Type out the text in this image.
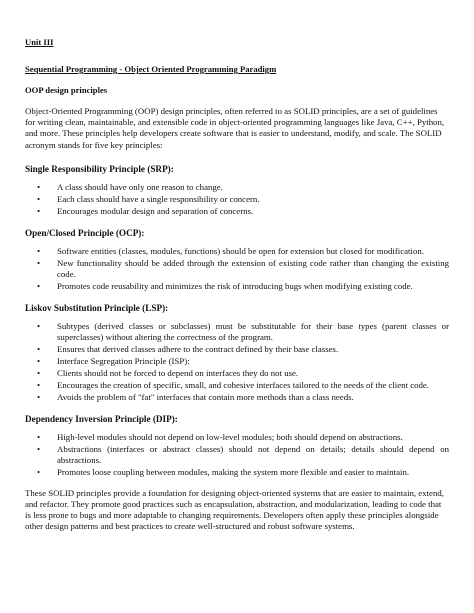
Unit III
Sequential Programming - Object Oriented Programming Paradigm
OOP design principles

Object-Oriented Programming (OOP) design principles, often referred to as SOLID principles, are a set of guidelines for writing clean, maintainable, and extensible code in object-oriented programming languages like Java, C++, Python, and more. These principles help developers create software that is easier to understand, modify, and scale. The SOLID acronym stands for five key principles:

Single Responsibility Principle (SRP):
• A class should have only one reason to change.
• Each class should have a single responsibility or concern.
• Encourages modular design and separation of concerns.
Open/Closed Principle (OCP):
• Software entities (classes, modules, functions) should be open for extension but closed for modification.
• New functionality should be added through the extension of existing code rather than changing the existing code.
• Promotes code reusability and minimizes the risk of introducing bugs when modifying existing code.
Liskov Substitution Principle (LSP):
• Subtypes (derived classes or subclasses) must be substitutable for their base types (parent classes or superclasses) without altering the correctness of the program.
• Ensures that derived classes adhere to the contract defined by their base classes.
• Interface Segregation Principle (ISP):
• Clients should not be forced to depend on interfaces they do not use.
• Encourages the creation of specific, small, and cohesive interfaces tailored to the needs of the client code.
• Avoids the problem of "fat" interfaces that contain more methods than a class needs.
Dependency Inversion Principle (DIP):
• High-level modules should not depend on low-level modules; both should depend on abstractions.
• Abstractions (interfaces or abstract classes) should not depend on details; details should depend on abstractions.
• Promotes loose coupling between modules, making the system more flexible and easier to maintain.

These SOLID principles provide a foundation for designing object-oriented systems that are easier to maintain, extend, and refactor. They promote good practices such as encapsulation, abstraction, and modularization, leading to code that is less prone to bugs and more adaptable to changing requirements. Developers often apply these principles alongside other design patterns and best practices to create well-structured and robust software systems.
